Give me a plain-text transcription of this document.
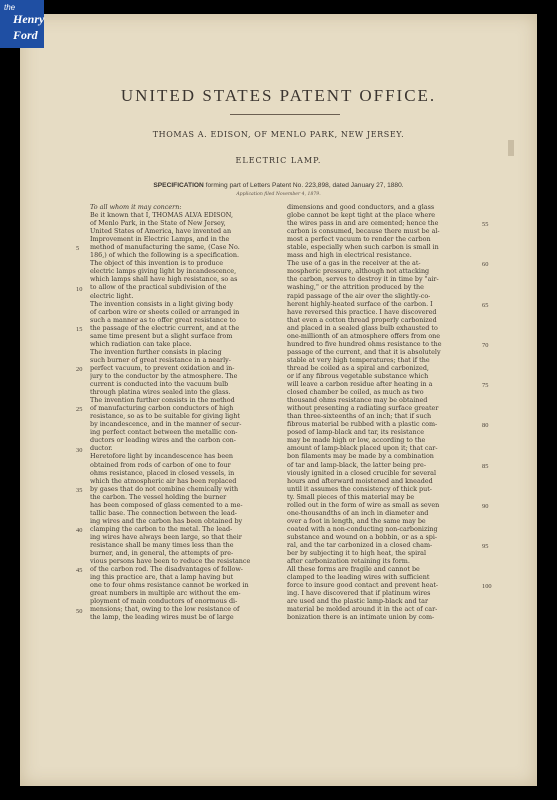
the
Henry
Ford
UNITED STATES PATENT OFFICE.
THOMAS A. EDISON, OF MENLO PARK, NEW JERSEY.
ELECTRIC LAMP.
SPECIFICATION forming part of Letters Patent No. 223,898, dated January 27, 1880.
Application filed November 4, 1879.
To all whom it may concern:
Be it known that I, THOMAS ALVA EDISON,
of Menlo Park, in the State of New Jersey,
United States of America, have invented an
Improvement in Electric Lamps, and in the
method of manufacturing the same, (Case No.
186,) of which the following is a specification.
The object of this invention is to produce
electric lamps giving light by incandescence,
which lamps shall have high resistance, so as
to allow of the practical subdivision of the
electric light.
The invention consists in a light giving body
of carbon wire or sheets coiled or arranged in
such a manner as to offer great resistance to
the passage of the electric current, and at the
same time present but a slight surface from
which radiation can take place.
The invention further consists in placing
such burner of great resistance in a nearly-
perfect vacuum, to prevent oxidation and in-
jury to the conductor by the atmosphere. The
current is conducted into the vacuum bulb
through platina wires sealed into the glass.
The invention further consists in the method
of manufacturing carbon conductors of high
resistance, so as to be suitable for giving light
by incandescence, and in the manner of secur-
ing perfect contact between the metallic con-
ductors or leading wires and the carbon con-
ductor.
Heretofore light by incandescence has been
obtained from rods of carbon of one to four
ohms resistance, placed in closed vessels, in
which the atmospheric air has been replaced
by gases that do not combine chemically with
the carbon. The vessel holding the burner
has been composed of glass cemented to a me-
tallic base. The connection between the lead-
ing wires and the carbon has been obtained by
clamping the carbon to the metal. The lead-
ing wires have always been large, so that their
resistance shall be many times less than the
burner, and, in general, the attempts of pre-
vious persons have been to reduce the resistance
of the carbon rod. The disadvantages of follow-
ing this practice are, that a lamp having but
one to four ohms resistance cannot be worked in
great numbers in multiple arc without the em-
ployment of main conductors of enormous di-
mensions; that, owing to the low resistance of
the lamp, the leading wires must be of large
dimensions and good conductors, and a glass
globe cannot be kept tight at the place where
the wires pass in and are cemented; hence the
carbon is consumed, because there must be al-
most a perfect vacuum to render the carbon
stable, especially when such carbon is small in
mass and high in electrical resistance.
The use of a gas in the receiver at the at-
mospheric pressure, although not attacking
the carbon, serves to destroy it in time by "air-
washing," or the attrition produced by the
rapid passage of the air over the slightly-co-
herent highly-heated surface of the carbon. I
have reversed this practice. I have discovered
that even a cotton thread properly carbonized
and placed in a sealed glass bulb exhausted to
one-millionth of an atmosphere offers from one
hundred to five hundred ohms resistance to the
passage of the current, and that it is absolutely
stable at very high temperatures; that if the
thread be coiled as a spiral and carbonized,
or if any fibrous vegetable substance which
will leave a carbon residue after heating in a
closed chamber be coiled, as much as two
thousand ohms resistance may be obtained
without presenting a radiating surface greater
than three-sixteenths of an inch; that if such
fibrous material be rubbed with a plastic com-
posed of lamp-black and tar, its resistance
may be made high or low, according to the
amount of lamp-black placed upon it; that car-
bon filaments may be made by a combination
of tar and lamp-black, the latter being pre-
viously ignited in a closed crucible for several
hours and afterward moistened and kneaded
until it assumes the consistency of thick put-
ty. Small pieces of this material may be
rolled out in the form of wire as small as seven
one-thousandths of an inch in diameter and
over a foot in length, and the same may be
coated with a non-conducting non-carbonizing
substance and wound on a bobbin, or as a spi-
ral, and the tar carbonized in a closed cham-
ber by subjecting it to high heat, the spiral
after carbonization retaining its form.
All these forms are fragile and cannot be
clamped to the leading wires with sufficient
force to insure good contact and prevent heat-
ing. I have discovered that if platinum wires
are used and the plastic lamp-black and tar
material be molded around it in the act of car-
bonization there is an intimate union by com-
5
10
15
20
25
30
35
40
45
50
55
60
65
70
75
80
85
90
95
100
